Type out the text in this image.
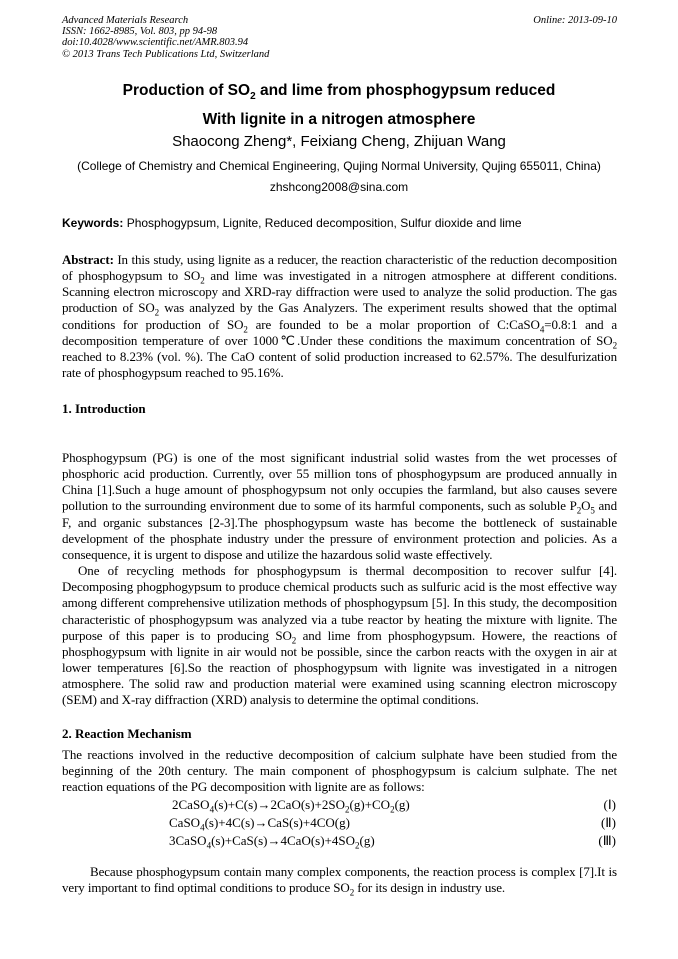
Advanced Materials Research
ISSN: 1662-8985, Vol. 803, pp 94-98
doi:10.4028/www.scientific.net/AMR.803.94
© 2013 Trans Tech Publications Ltd, Switzerland
Online: 2013-09-10
Production of $SO_2$ and lime from phosphogypsum reduced
With lignite in a nitrogen atmosphere
Shaocong Zheng*, Feixiang Cheng, Zhijuan Wang
(College of Chemistry and Chemical Engineering, Qujing Normal University, Qujing 655011, China)
zhshcong2008@sina.com
Keywords: Phosphogypsum, Lignite, Reduced decomposition, Sulfur dioxide and lime
Abstract: In this study, using lignite as a reducer, the reaction characteristic of the reduction decomposition of phosphogypsum to $SO_2$ and lime was investigated in a nitrogen atmosphere at different conditions. Scanning electron microscopy and XRD-ray diffraction were used to analyze the solid production. The gas production of $SO_2$ was analyzed by the Gas Analyzers. The experiment results showed that the optimal conditions for production of $SO_2$ are founded to be a molar proportion of C:CaSO$_4$=0.8:1 and a decomposition temperature of over 1000℃.Under these conditions the maximum concentration of $SO_2$ reached to 8.23% (vol. %). The CaO content of solid production increased to 62.57%. The desulfurization rate of phosphogypsum reached to 95.16%.
1. Introduction

Phosphogypsum (PG) is one of the most significant industrial solid wastes from the wet processes of phosphoric acid production. Currently, over 55 million tons of phosphogypsum are produced annually in China [1].Such a huge amount of phosphogypsum not only occupies the farmland, but also causes severe pollution to the surrounding environment due to some of its harmful components, such as soluble $P_2O_5$ and F, and organic substances [2-3].The phosphogypsum waste has become the bottleneck of sustainable development of the phosphate industry under the pressure of environment protection and policies. As a consequence, it is urgent to dispose and utilize the hazardous solid waste effectively.

One of recycling methods for phosphogypsum is thermal decomposition to recover sulfur [4]. Decomposing phogphogypsum to produce chemical products such as sulfuric acid is the most effective way among different comprehensive utilization methods of phosphogypsum [5]. In this study, the decomposition characteristic of phosphogypsum was analyzed via a tube reactor by heating the mixture with lignite. The purpose of this paper is to producing $SO_2$ and lime from phosphogypsum. Howere, the reactions of phosphogypsum with lignite in air would not be possible, since the carbon reacts with the oxygen in air at lower temperatures [6].So the reaction of phosphogypsum with lignite was investigated in a nitrogen atmosphere. The solid raw and production material were examined using scanning electron microscopy (SEM) and X-ray diffraction (XRD) analysis to determine the optimal conditions.

2. Reaction Mechanism
The reactions involved in the reductive decomposition of calcium sulphate have been studied from the beginning of the 20th century. The main component of phosphogypsum is calcium sulphate. The net reaction equations of the PG decomposition with lignite are as follows:
$2CaSO_4(s)+C(s)\to 2CaO(s)+2SO_2(g)+CO_2(g)$	(Ⅰ)
CaSO$_4$(s)+4C(s)→CaS(s)+4CO(g)	(Ⅱ)
$3CaSO_4(s)+CaS(s)\to 4CaO(s)+4SO_2(g)$	(Ⅲ)
Because phosphogypsum contain many complex components, the reaction process is complex [7].It is very important to find optimal conditions to produce $SO_2$ for its design in industry use.
